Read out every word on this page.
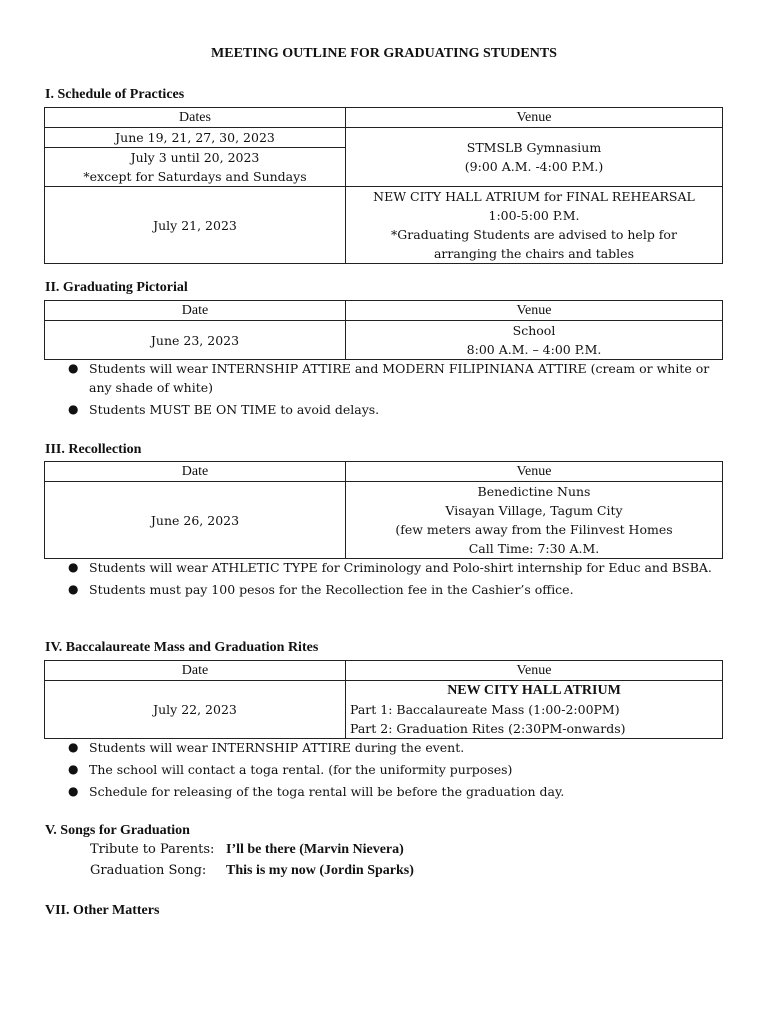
MEETING OUTLINE FOR GRADUATING STUDENTS
I. Schedule of Practices
Dates	Venue
June 19, 21, 27, 30, 2023	STMSLB Gymnasium
(9:00 A.M. -4:00 P.M.)

July 3 until 20, 2023
*except for Saturdays and Sundays	

July 21, 2023	NEW CITY HALL ATRIUM for FINAL REHEARSAL
1:00-5:00 P.M.
*Graduating Students are advised to help for
arranging the chairs and tables
II. Graduating Pictorial
Date	Venue
June 23, 2023	School
8:00 A.M. – 4:00 P.M.
● Students will wear INTERNSHIP ATTIRE and MODERN FILIPINIANA ATTIRE (cream or white or any shade of white)
● Students MUST BE ON TIME to avoid delays.
III. Recollection
Date	Venue
June 26, 2023	Benedictine Nuns
Visayan Village, Tagum City
(few meters away from the Filinvest Homes
Call Time: 7:30 A.M.
● Students will wear ATHLETIC TYPE for Criminology and Polo-shirt internship for Educ and BSBA.
● Students must pay 100 pesos for the Recollection fee in the Cashier’s office.
IV. Baccalaureate Mass and Graduation Rites
Date	Venue
July 22, 2023	NEW CITY HALL ATRIUM
Part 1: Baccalaureate Mass (1:00-2:00PM)
Part 2: Graduation Rites (2:30PM-onwards)
● Students will wear INTERNSHIP ATTIRE during the event.
● The school will contact a toga rental. (for the uniformity purposes)
● Schedule for releasing of the toga rental will be before the graduation day.
V. Songs for Graduation
Tribute to Parents: I’ll be there (Marvin Nievera)
Graduation Song: This is my now (Jordin Sparks)
VII. Other Matters
